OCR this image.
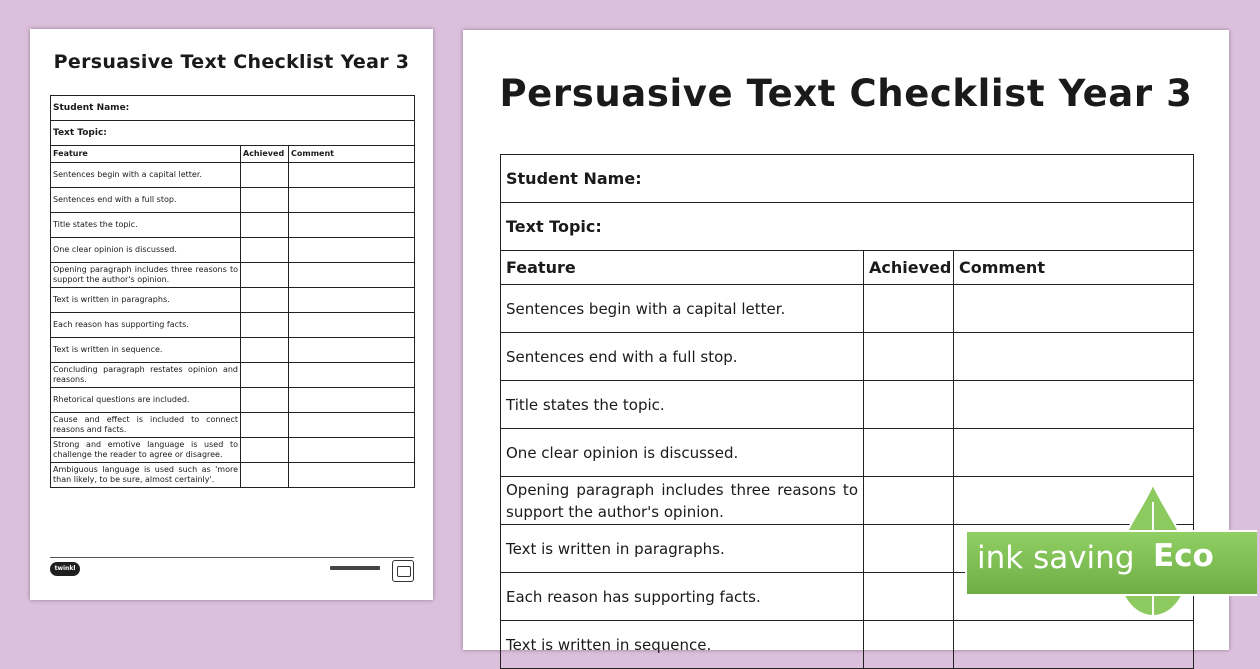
Persuasive Text Checklist Year 3
Student Name:		
Text Topic:		
Feature	Achieved	Comment
Sentences begin with a capital letter.		
Sentences end with a full stop.		
Title states the topic.		
One clear opinion is discussed.		
Opening paragraph includes three reasons to support the author's opinion.		
Text is written in paragraphs.		
Each reason has supporting facts.		
Text is written in sequence.		
Concluding paragraph restates opinion and reasons.		
Rhetorical questions are included.		
Cause and effect is included to connect reasons and facts.		
Strong and emotive language is used to challenge the reader to agree or disagree.		
Ambiguous language is used such as 'more than likely, to be sure, almost certainly'.		
twinkl
Persuasive Text Checklist Year 3
Student Name:		
Text Topic:		
Feature	Achieved	Comment
Sentences begin with a capital letter.		
Sentences end with a full stop.		
Title states the topic.		
One clear opinion is discussed.		
Opening paragraph includes three reasons to support the author's opinion.		
Text is written in paragraphs.		
Each reason has supporting facts.		
Text is written in sequence.		
ink saving Eco
